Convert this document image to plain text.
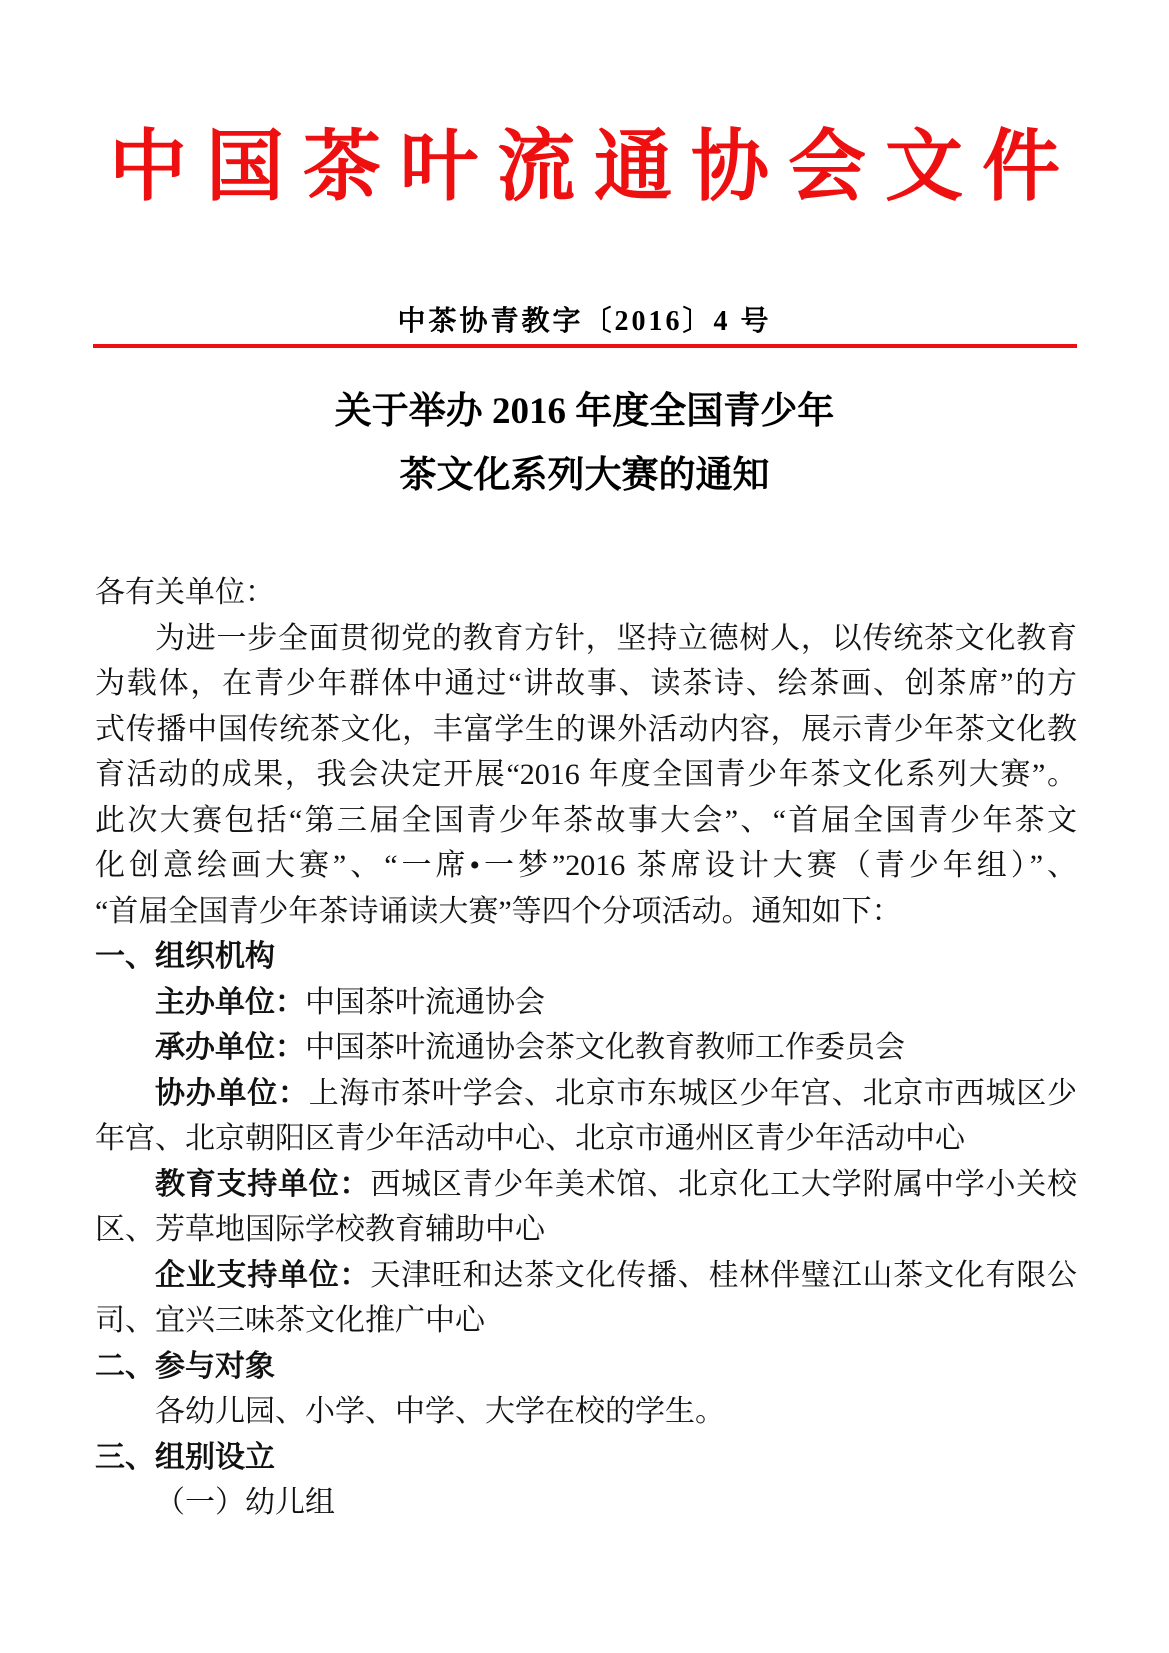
中国茶叶流通协会文件
中茶协青教字〔2016〕4 号
关于举办 2016 年度全国青少年
茶文化系列大赛的通知
各有关单位：
为进一步全面贯彻党的教育方针，坚持立德树人，以传统茶文化教育
为载体，在青少年群体中通过“讲故事、读茶诗、绘茶画、创茶席”的方
式传播中国传统茶文化，丰富学生的课外活动内容，展示青少年茶文化教
育活动的成果，我会决定开展“2016 年度全国青少年茶文化系列大赛”。
此次大赛包括“第三届全国青少年茶故事大会”、“首届全国青少年茶文
化创意绘画大赛”、“一席•一梦”2016 茶席设计大赛（青少年组）”、
“首届全国青少年茶诗诵读大赛”等四个分项活动。通知如下：
一、组织机构
主办单位：中国茶叶流通协会
承办单位：中国茶叶流通协会茶文化教育教师工作委员会
协办单位：上海市茶叶学会、北京市东城区少年宫、北京市西城区少
年宫、北京朝阳区青少年活动中心、北京市通州区青少年活动中心
教育支持单位：西城区青少年美术馆、北京化工大学附属中学小关校
区、芳草地国际学校教育辅助中心
企业支持单位：天津旺和达茶文化传播、桂林伴璧江山茶文化有限公
司、宜兴三味茶文化推广中心
二、参与对象
各幼儿园、小学、中学、大学在校的学生。
三、组别设立
（一）幼儿组
